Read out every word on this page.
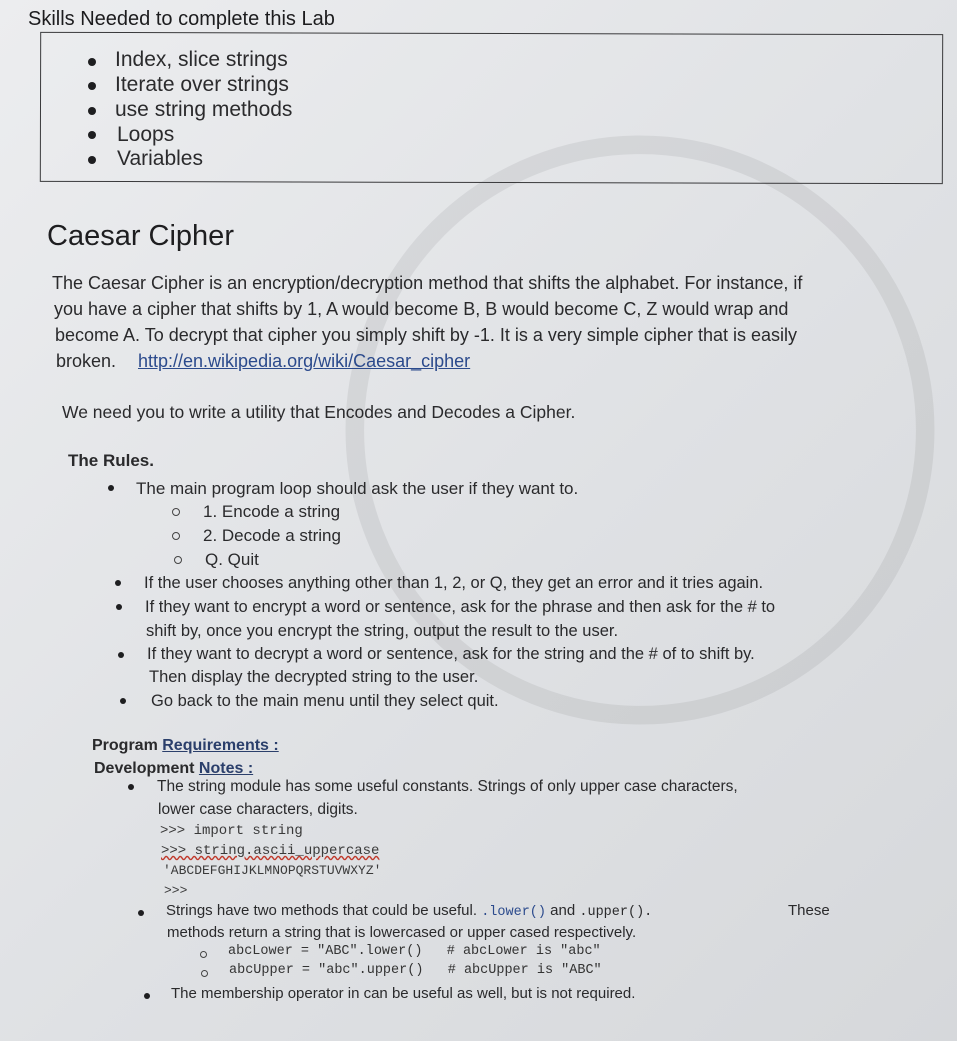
Skills Needed to complete this Lab
Index, slice strings
Iterate over strings
use string methods
Loops
Variables
Caesar Cipher
The Caesar Cipher is an encryption/decryption method that shifts the alphabet. For instance, if
you have a cipher that shifts by 1, A would become B, B would become C, Z would wrap and
become A. To decrypt that cipher you simply shift by -1. It is a very simple cipher that is easily
broken. http://en.wikipedia.org/wiki/Caesar_cipher
We need you to write a utility that Encodes and Decodes a Cipher.
The Rules.
The main program loop should ask the user if they want to.
1. Encode a string
2. Decode a string
Q. Quit
If the user chooses anything other than 1, 2, or Q, they get an error and it tries again.
If they want to encrypt a word or sentence, ask for the phrase and then ask for the # to
shift by, once you encrypt the string, output the result to the user.
If they want to decrypt a word or sentence, ask for the string and the # of to shift by.
Then display the decrypted string to the user.
Go back to the main menu until they select quit.
Program Requirements :
Development Notes :
The string module has some useful constants. Strings of only upper case characters,
lower case characters, digits.
>>> import string
>>> string.ascii_uppercase
'ABCDEFGHIJKLMNOPQRSTUVWXYZ'
>>>
Strings have two methods that could be useful. .lower() and .upper().	These
methods return a string that is lowercased or upper cased respectively.
abcLower = "ABC".lower()   # abcLower is "abc"
abcUpper = "abc".upper()   # abcUpper is "ABC"
The membership operator in can be useful as well, but is not required.
